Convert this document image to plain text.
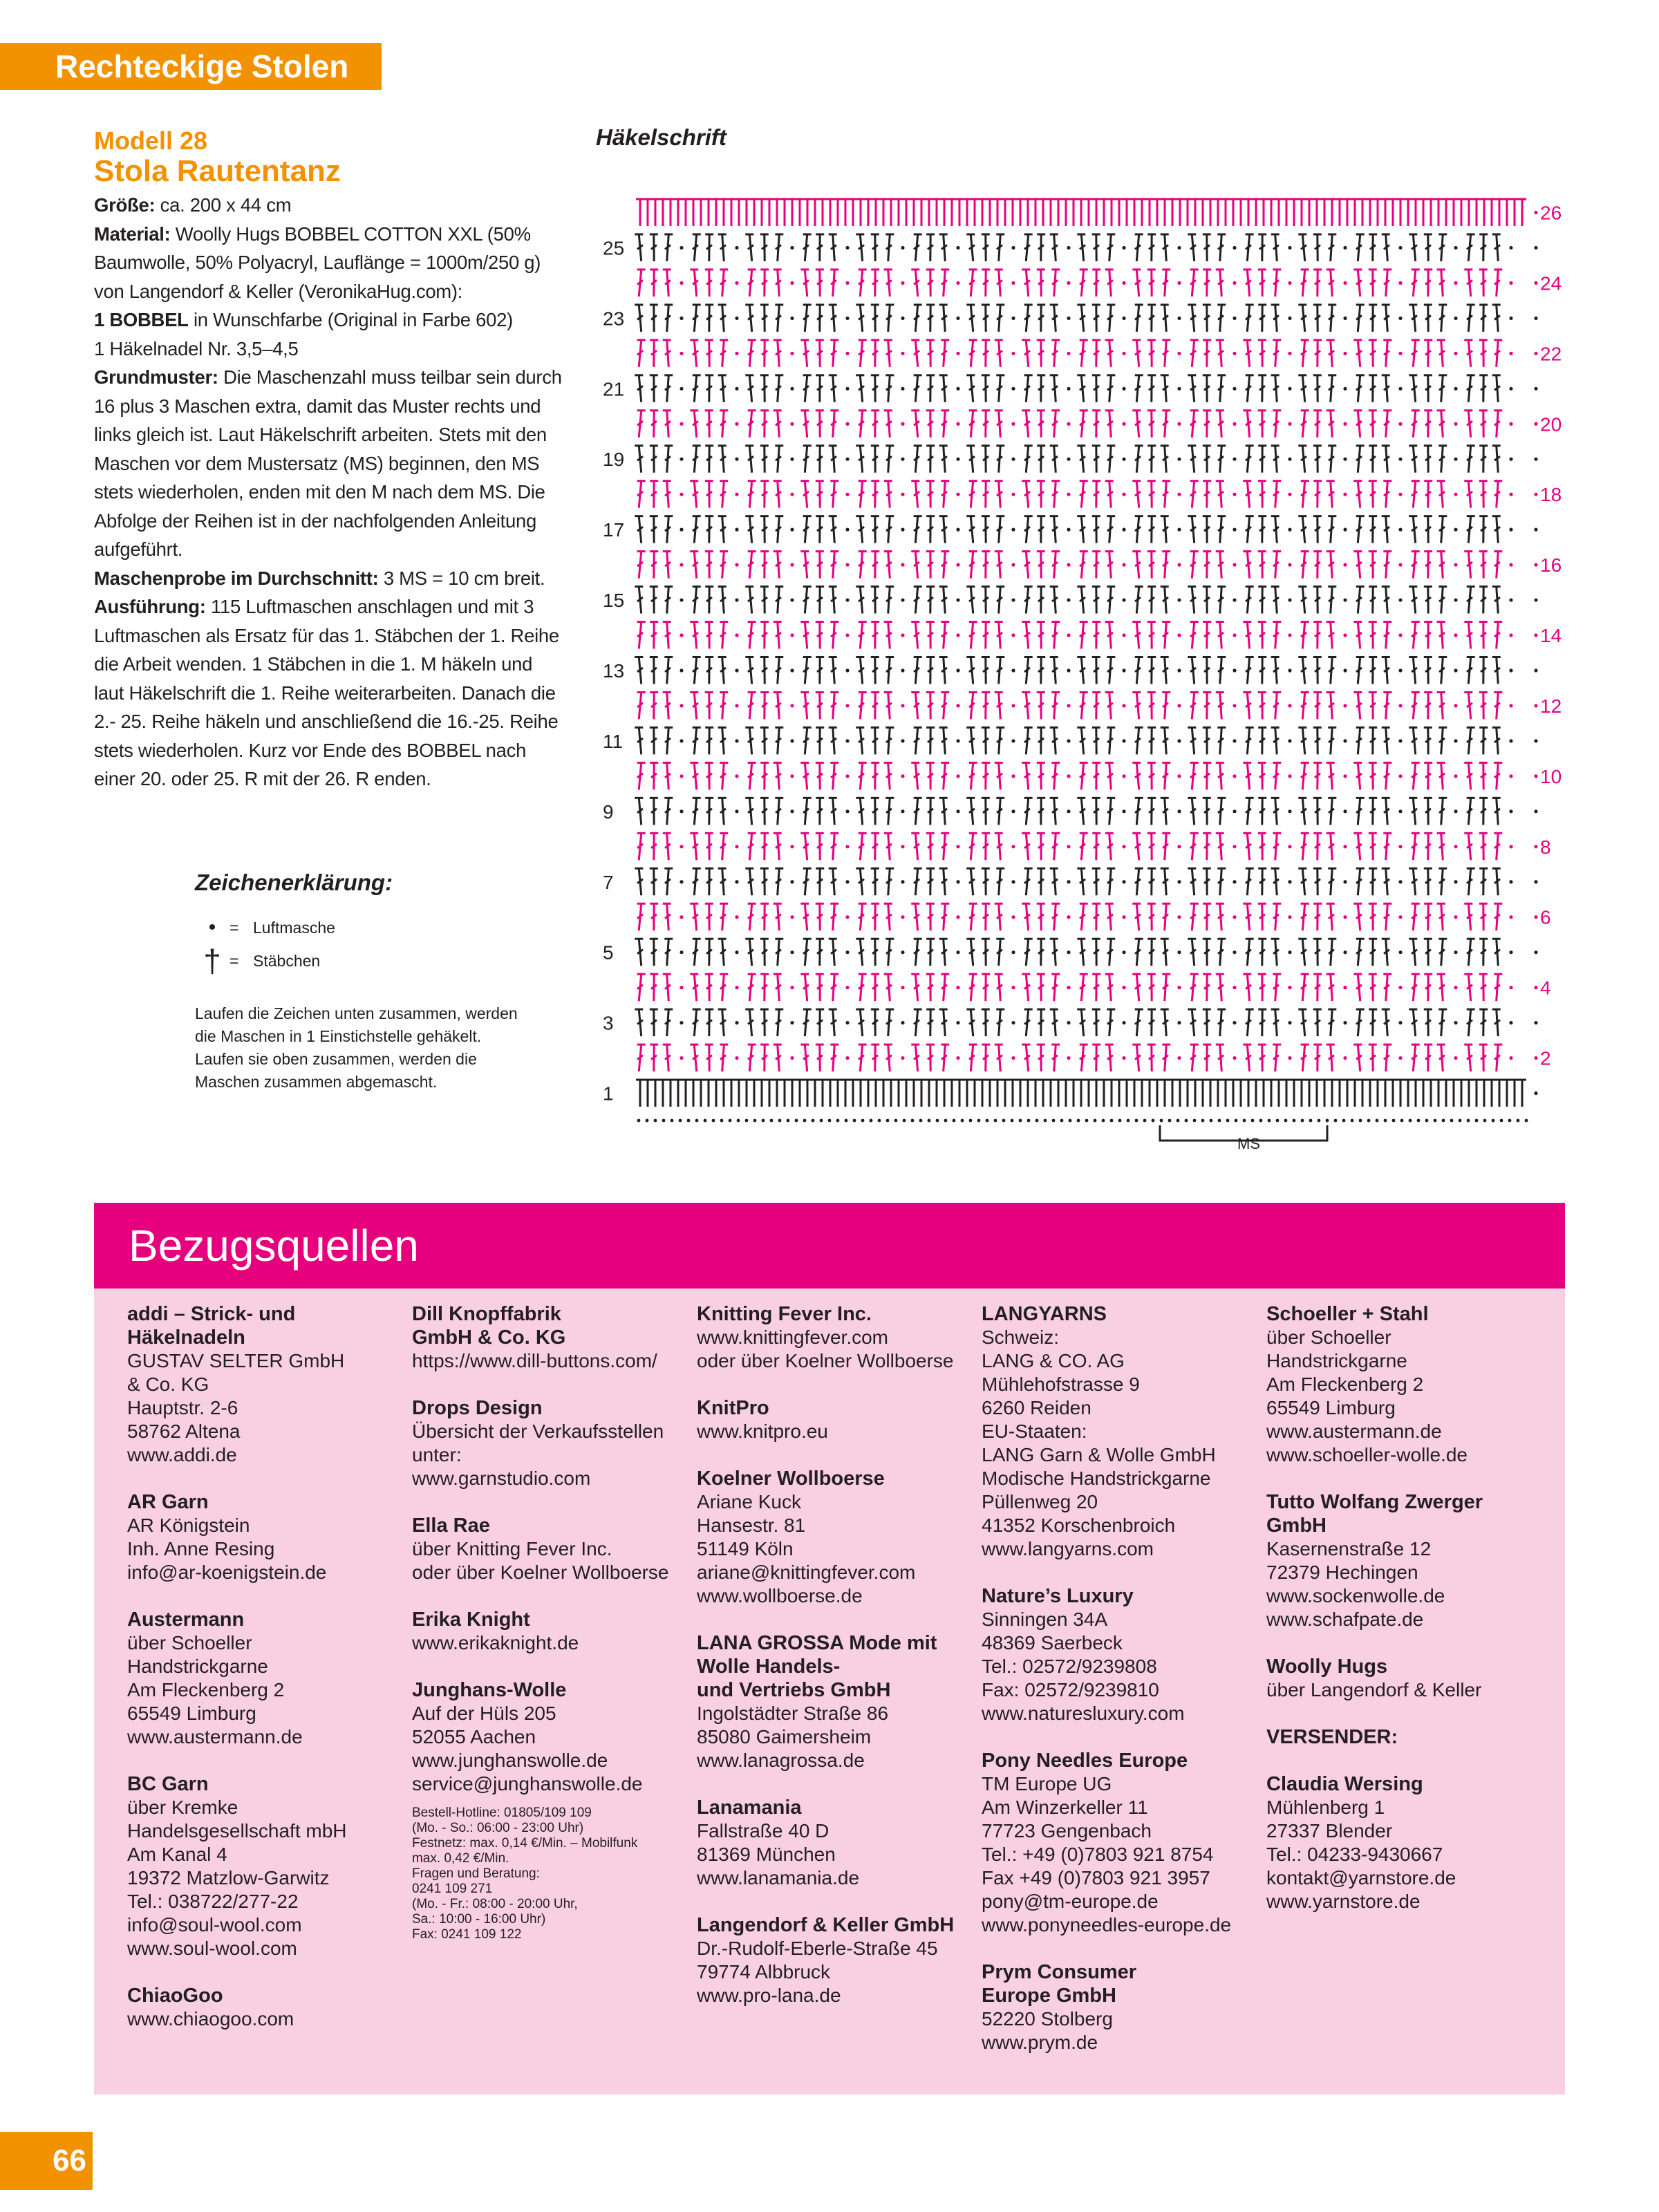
Rechteckige Stolen
Modell 28
Stola Rautentanz

Größe: ca. 200 x 44 cm

Material: Woolly Hugs BOBBEL COTTON XXL (50% Baumwolle, 50% Polyacryl, Lauflänge = 1000m/250 g) von Langendorf & Keller (VeronikaHug.com):

1 BOBBEL in Wunschfarbe (Original in Farbe 602)

1 Häkelnadel Nr. 3,5–4,5

Grundmuster: Die Maschenzahl muss teilbar sein durch 16 plus 3 Maschen extra, damit das Muster rechts und links gleich ist. Laut Häkelschrift arbeiten. Stets mit den Maschen vor dem Mustersatz (MS) beginnen, den MS stets wiederholen, enden mit den M nach dem MS. Die Abfolge der Reihen ist in der nachfolgenden Anleitung aufgeführt.

Maschenprobe im Durchschnitt: 3 MS = 10 cm breit.

Ausführung: 115 Luftmaschen anschlagen und mit 3 Luftmaschen als Ersatz für das 1. Stäbchen der 1. Reihe die Arbeit wenden. 1 Stäbchen in die 1. M häkeln und laut Häkelschrift die 1. Reihe weiterarbeiten. Danach die 2.- 25. Reihe häkeln und anschließend die 16.-25. Reihe stets wiederholen. Kurz vor Ende des BOBBEL nach einer 20. oder 25. R mit der 26. R enden.

Zeichenerklärung:
• = Luftmasche
† = Stäbchen
Laufen die Zeichen unten zusammen, werden die Maschen in 1 Einstichstelle gehäkelt. Laufen sie oben zusammen, werden die Maschen zusammen abgemascht.
Häkelschrift
1
3
5
7
9
11
13
15
17
19
21
23
25
2
4
6
8
10
12
14
16
18
20
22
24
26
MS
Bezugsquellen
addi – Strick- und
Häkelnadeln
GUSTAV SELTER GmbH
& Co. KG
Hauptstr. 2-6
58762 Altena
www.addi.de
AR Garn
AR Königstein
Inh. Anne Resing
info@ar-koenigstein.de
Austermann
über Schoeller Handstrickgarne
Am Fleckenberg 2
65549 Limburg
www.austermann.de
BC Garn
über Kremke
Handelsgesellschaft mbH
Am Kanal 4
19372 Matzlow-Garwitz
Tel.: 038722/277-22
info@soul-wool.com
www.soul-wool.com
ChiaoGoo
www.chiaogoo.com
Dill Knopffabrik
GmbH & Co. KG
https://www.dill-buttons.com/
Drops Design
Übersicht der Verkaufsstellen
unter:
www.garnstudio.com
Ella Rae
über Knitting Fever Inc.
oder über Koelner Wollboerse
Erika Knight
www.erikaknight.de
Junghans-Wolle
Auf der Hüls 205
52055 Aachen
www.junghanswolle.de
service@junghanswolle.de
Bestell-Hotline: 01805/109 109
(Mo. - So.: 06:00 - 23:00 Uhr)
Festnetz: max. 0,14 €/Min. – Mobilfunk
max. 0,42 €/Min.
Fragen und Beratung:
0241 109 271
(Mo. - Fr.: 08:00 - 20:00 Uhr,
Sa.: 10:00 - 16:00 Uhr)
Fax: 0241 109 122
Knitting Fever Inc.
www.knittingfever.com
oder über Koelner Wollboerse
KnitPro
www.knitpro.eu
Koelner Wollboerse
Ariane Kuck
Hansestr. 81
51149 Köln
ariane@knittingfever.com
www.wollboerse.de
LANA GROSSA Mode mit
Wolle Handels-
und Vertriebs GmbH
Ingolstädter Straße 86
85080 Gaimersheim
www.lanagrossa.de
Lanamania
Fallstraße 40 D
81369 München
www.lanamania.de
Langendorf & Keller GmbH
Dr.-Rudolf-Eberle-Straße 45
79774 Albbruck
www.pro-lana.de
LANGYARNS
Schweiz:
LANG & CO. AG
Mühlehofstrasse 9
6260 Reiden
EU-Staaten:
LANG Garn & Wolle GmbH
Modische Handstrickgarne
Püllenweg 20
41352 Korschenbroich
www.langyarns.com
Nature’s Luxury
Sinningen 34A
48369 Saerbeck
Tel.: 02572/9239808
Fax: 02572/9239810
www.naturesluxury.com
Pony Needles Europe
TM Europe UG
Am Winzerkeller 11
77723 Gengenbach
Tel.: +49 (0)7803 921 8754
Fax +49 (0)7803 921 3957
pony@tm-europe.de
www.ponyneedles-europe.de
Prym Consumer
Europe GmbH
52220 Stolberg
www.prym.de
Schoeller + Stahl
über Schoeller Handstrickgarne
Am Fleckenberg 2
65549 Limburg
www.austermann.de
www.schoeller-wolle.de
Tutto Wolfang Zwerger
GmbH
Kasernenstraße 12
72379 Hechingen
www.sockenwolle.de
www.schafpate.de
Woolly Hugs
über Langendorf & Keller
VERSENDER:
Claudia Wersing
Mühlenberg 1
27337 Blender
Tel.: 04233-9430667
kontakt@yarnstore.de
www.yarnstore.de
66
